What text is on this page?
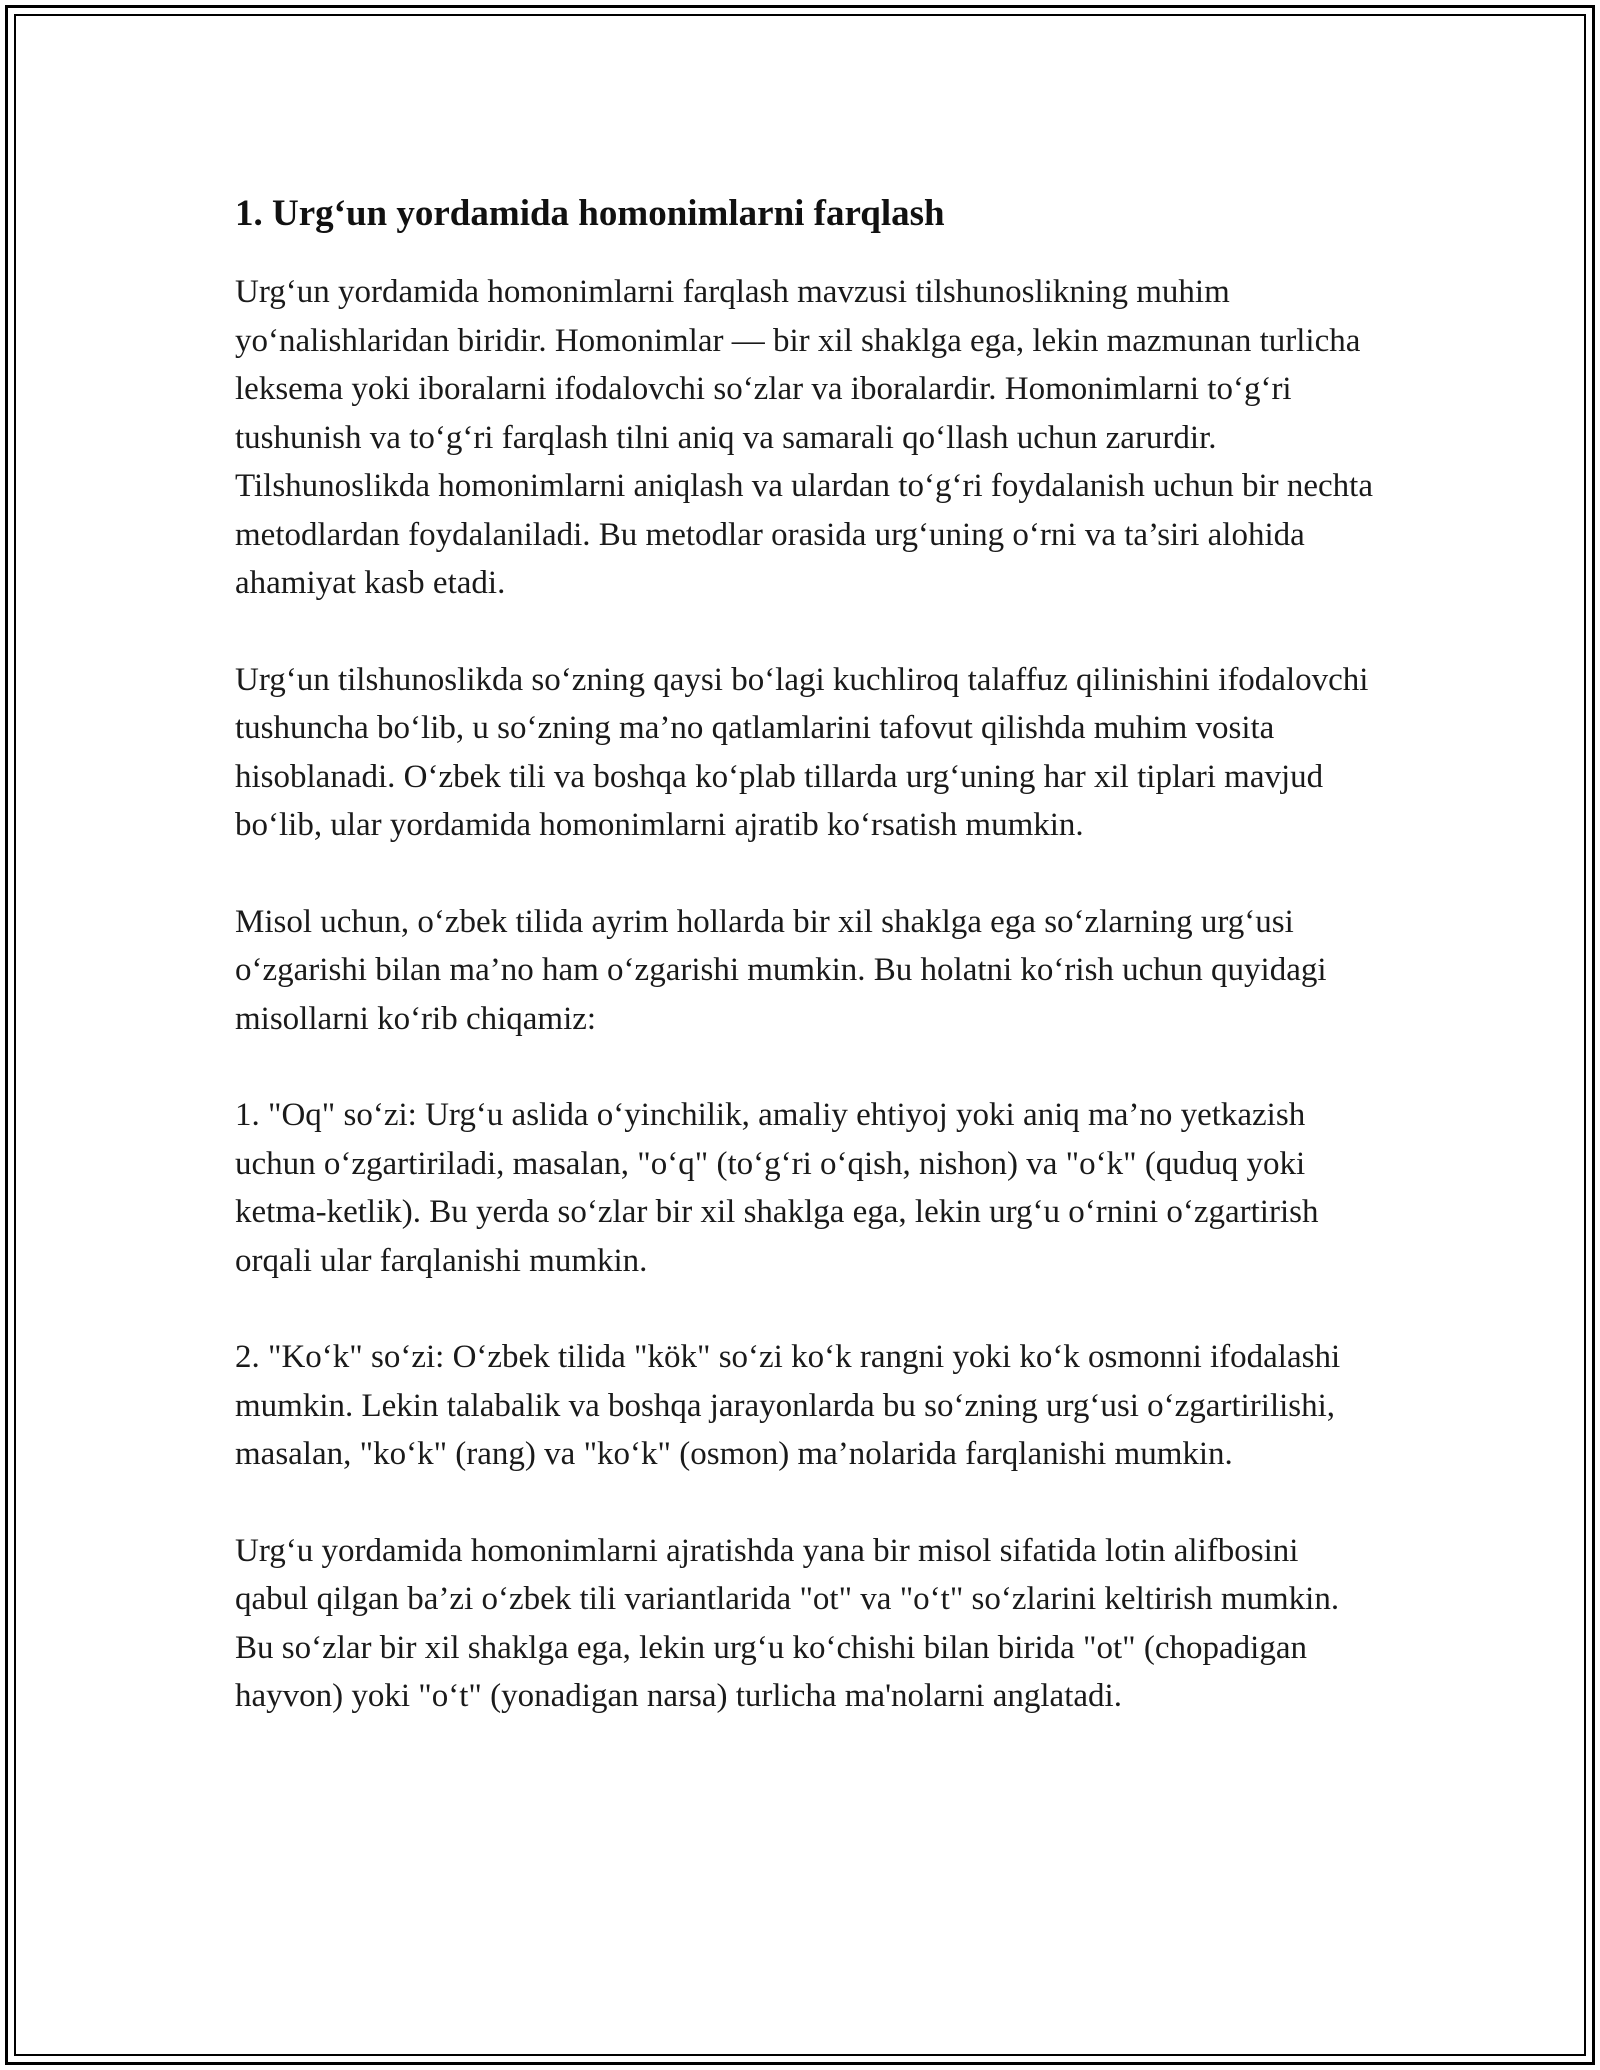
1. Urg‘un yordamida homonimlarni farqlash

Urg‘un yordamida homonimlarni farqlash mavzusi tilshunoslikning muhim yo‘nalishlaridan biridir. Homonimlar — bir xil shaklga ega, lekin mazmunan turlicha leksema yoki iboralarni ifodalovchi so‘zlar va iboralardir. Homonimlarni to‘g‘ri tushunish va to‘g‘ri farqlash tilni aniq va samarali qo‘llash uchun zarurdir. Tilshunoslikda homonimlarni aniqlash va ulardan to‘g‘ri foydalanish uchun bir nechta metodlardan foydalaniladi. Bu metodlar orasida urg‘uning o‘rni va ta’siri alohida ahamiyat kasb etadi.

Urg‘un tilshunoslikda so‘zning qaysi bo‘lagi kuchliroq talaffuz qilinishini ifodalovchi tushuncha bo‘lib, u so‘zning ma’no qatlamlarini tafovut qilishda muhim vosita hisoblanadi. O‘zbek tili va boshqa ko‘plab tillarda urg‘uning har xil tiplari mavjud bo‘lib, ular yordamida homonimlarni ajratib ko‘rsatish mumkin.

Misol uchun, o‘zbek tilida ayrim hollarda bir xil shaklga ega so‘zlarning urg‘usi o‘zgarishi bilan ma’no ham o‘zgarishi mumkin. Bu holatni ko‘rish uchun quyidagi misollarni ko‘rib chiqamiz:

1. "Oq" so‘zi: Urg‘u aslida o‘yinchilik, amaliy ehtiyoj yoki aniq ma’no yetkazish uchun o‘zgartiriladi, masalan, "o‘q" (to‘g‘ri o‘qish, nishon) va "o‘k" (quduq yoki ketma-ketlik). Bu yerda so‘zlar bir xil shaklga ega, lekin urg‘u o‘rnini o‘zgartirish orqali ular farqlanishi mumkin.

2. "Ko‘k" so‘zi: O‘zbek tilida "kök" so‘zi ko‘k rangni yoki ko‘k osmonni ifodalashi mumkin. Lekin talabalik va boshqa jarayonlarda bu so‘zning urg‘usi o‘zgartirilishi, masalan, "ko‘k" (rang) va "ko‘k" (osmon) ma’nolarida farqlanishi mumkin.

Urg‘u yordamida homonimlarni ajratishda yana bir misol sifatida lotin alifbosini qabul qilgan ba’zi o‘zbek tili variantlarida "ot" va "o‘t" so‘zlarini keltirish mumkin. Bu so‘zlar bir xil shaklga ega, lekin urg‘u ko‘chishi bilan birida "ot" (chopadigan hayvon) yoki "o‘t" (yonadigan narsa) turlicha ma'nolarni anglatadi.
